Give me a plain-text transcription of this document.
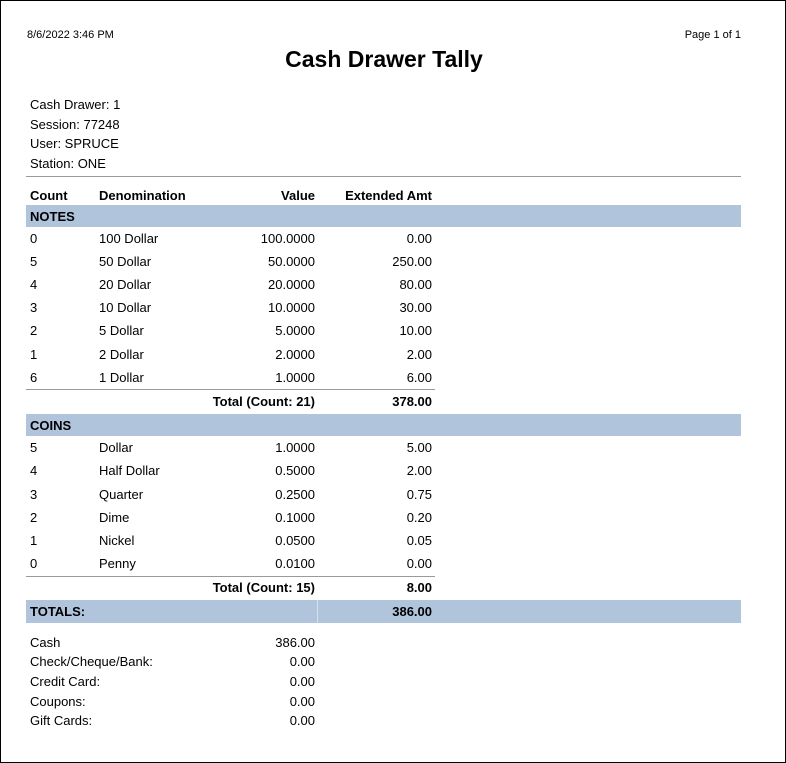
8/6/2022 3:46 PM	Page 1 of 1
Cash Drawer Tally
Cash Drawer: 1
Session: 77248
User: SPRUCE
Station: ONE
Count Denomination	Value	Extended Amt
NOTES
0	100 Dollar	100.0000	0.00
5	50 Dollar	50.0000	250.00
4	20 Dollar	20.0000	80.00
3	10 Dollar	10.0000	30.00
2	5 Dollar	5.0000	10.00
1	2 Dollar	2.0000	2.00
6	1 Dollar	1.0000	6.00
Total (Count: 21)	378.00
COINS
5	Dollar	1.0000	5.00
4	Half Dollar	0.5000	2.00
3	Quarter	0.2500	0.75
2	Dime	0.1000	0.20
1	Nickel	0.0500	0.05
0	Penny	0.0100	0.00
Total (Count: 15)	8.00
TOTALS:	386.00
Cash	386.00
Check/Cheque/Bank:	0.00
Credit Card:	0.00
Coupons:	0.00
Gift Cards:	0.00
